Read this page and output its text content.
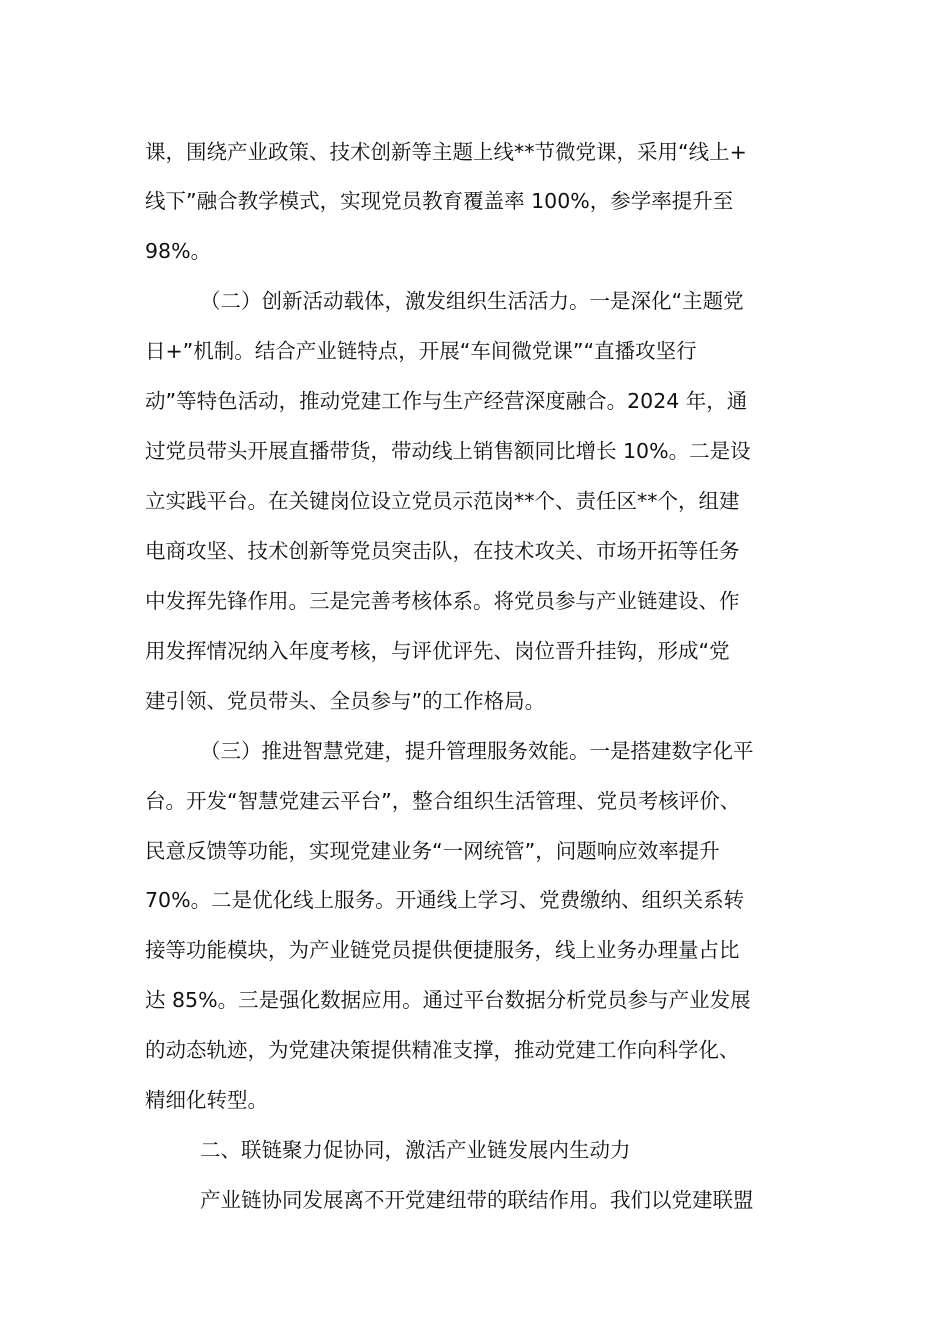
课，围绕产业政策、技术创新等主题上线**节微党课，采用“线上+
线下”融合教学模式，实现党员教育覆盖率 100%，参学率提升至
98%。
（二）创新活动载体，激发组织生活活力。一是深化“主题党
日+”机制。结合产业链特点，开展“车间微党课”“直播攻坚行
动”等特色活动，推动党建工作与生产经营深度融合。2024 年，通
过党员带头开展直播带货，带动线上销售额同比增长 10%。二是设
立实践平台。在关键岗位设立党员示范岗**个、责任区**个，组建
电商攻坚、技术创新等党员突击队，在技术攻关、市场开拓等任务
中发挥先锋作用。三是完善考核体系。将党员参与产业链建设、作
用发挥情况纳入年度考核，与评优评先、岗位晋升挂钩，形成“党
建引领、党员带头、全员参与”的工作格局。
（三）推进智慧党建，提升管理服务效能。一是搭建数字化平
台。开发“智慧党建云平台”，整合组织生活管理、党员考核评价、
民意反馈等功能，实现党建业务“一网统管”，问题响应效率提升
70%。二是优化线上服务。开通线上学习、党费缴纳、组织关系转
接等功能模块，为产业链党员提供便捷服务，线上业务办理量占比
达 85%。三是强化数据应用。通过平台数据分析党员参与产业发展
的动态轨迹，为党建决策提供精准支撑，推动党建工作向科学化、
精细化转型。
二、联链聚力促协同，激活产业链发展内生动力
产业链协同发展离不开党建纽带的联结作用。我们以党建联盟
